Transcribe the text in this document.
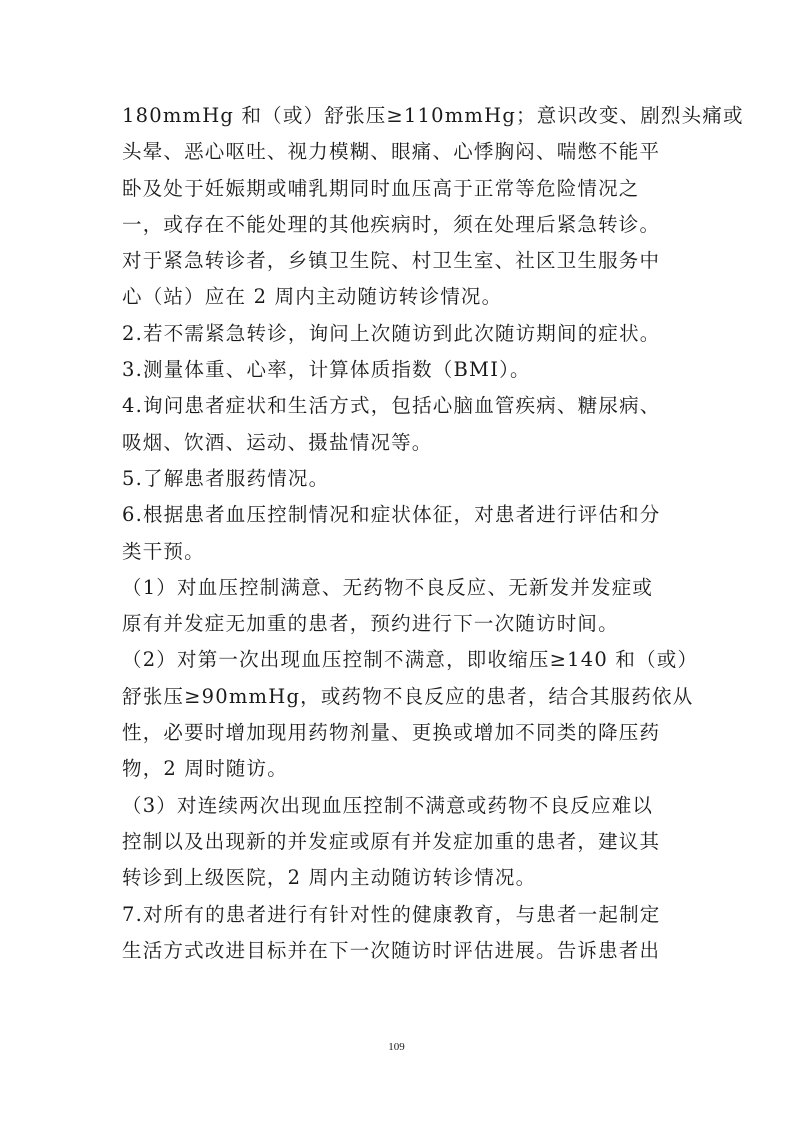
180mmHg 和（或）舒张压≥110mmHg；意识改变、剧烈头痛或
头晕、恶心呕吐、视力模糊、眼痛、心悸胸闷、喘憋不能平
卧及处于妊娠期或哺乳期同时血压高于正常等危险情况之
一，或存在不能处理的其他疾病时，须在处理后紧急转诊。
对于紧急转诊者，乡镇卫生院、村卫生室、社区卫生服务中
心（站）应在 2 周内主动随访转诊情况。
2.若不需紧急转诊，询问上次随访到此次随访期间的症状。
3.测量体重、心率，计算体质指数（BMI）。
4.询问患者症状和生活方式，包括心脑血管疾病、糖尿病、
吸烟、饮酒、运动、摄盐情况等。
5.了解患者服药情况。
6.根据患者血压控制情况和症状体征，对患者进行评估和分
类干预。
（1）对血压控制满意、无药物不良反应、无新发并发症或
原有并发症无加重的患者，预约进行下一次随访时间。
（2）对第一次出现血压控制不满意，即收缩压≥140 和（或）
舒张压≥90mmHg，或药物不良反应的患者，结合其服药依从
性，必要时增加现用药物剂量、更换或增加不同类的降压药
物，2 周时随访。
（3）对连续两次出现血压控制不满意或药物不良反应难以
控制以及出现新的并发症或原有并发症加重的患者，建议其
转诊到上级医院，2 周内主动随访转诊情况。
7.对所有的患者进行有针对性的健康教育，与患者一起制定
生活方式改进目标并在下一次随访时评估进展。告诉患者出
109
